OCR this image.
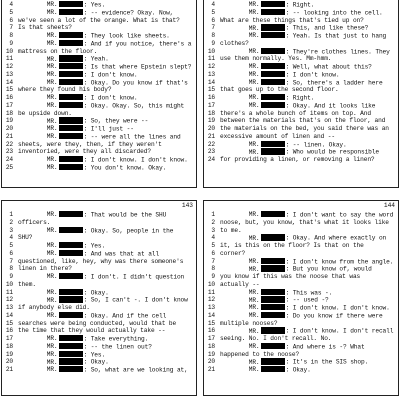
4	MR.	: Yes.
5	MR.	: -- evidence? Okay. Now,
6 we've seen a lot of the orange. What is that?
7 Is that sheets?
8	MR.	: They look like sheets.
9	MR.	: And if you notice, there's a
10 mattress on the floor.
11	MR.	: Yeah.
12	MR.	: Is that where Epstein slept?
13	MR.	: I don't know.
14	MR.	: Okay. Do you know if that's
15 where they found his body?
16	MR.	: I don't know.
17	MR.	: Okay. Okay. So, this might
18 be upside down.
19	MR.	: So, they were --
20	MR.	: I'll just --
21	MR.	: -- were all the lines and
22 sheets, were they, then, if they weren't
23 inventoried, were they all discarded?
24	MR.	: I don't know. I don't know.
25	MR.	: You don't know. Okay.
4	MR.	: Right.
5	MR.	: -- looking into the cell.
6 What are these things that's tied up on?
7	MR.	: This, and like these?
8	MR.	: Yeah. Is that just to hang
9 clothes?
10	MR.	: They're clothes lines. They
11 use them normally. Yes. Mm-hmm.
12	MR.	: Well, what about this?
13	MR.	: I don't know.
14	MR.	: So, there's a ladder here
15 that goes up to the second floor.
16	MR.	: Right.
17	MR.	: Okay. And it looks like
18 there's a whole bunch of items on top. And
19 between the materials that's on the floor, and
20 the materials on the bed, you said there was an
21 excessive amount of linen and --
22	MR.	: -- linen. Okay.
23	MR.	: Who would be responsible
24 for providing a linen, or removing a linen?
143
1	MR.	: That would be the SHU
2 officers.
3	MR.	: Okay. So, people in the
4 SHU?
5	MR.	: Yes.
6	MR.	: And was that at all
7 questioned, like, hey, why was there someone's
8 linen in there?
9	MR.	: I don't. I didn't question
10 them.
11	MR.	: Okay.
12	MR.	: So, I can't -. I don't know
13 if anybody else did.
14	MR.	: Okay. And if the cell
15 searches were being conducted, would that be
16 the time that they would actually take --
17	MR.	: Take everything.
18	MR.	: -- the linen out?
19	MR.	: Yes.
20	MR.	: Okay.
21	MR.	: So, what are we looking at,
144
1	MR.	: I don't want to say the word
2 noose, but, you know, that's what it looks like
3 to me.
4	MR.	: Okay. And where exactly on
5 it, is this on the floor? Is that on the
6 corner?
7	MR.	: I don't know from the angle.
8	MR.	: But you know of, would
9 you know if this was the noose that was
10 actually --
11	MR.	: This was -.
12	MR.	: -- used -?
13	MR.	: I don't know. I don't know.
14	MR.	: Do you know if there were
15 multiple nooses?
16	MR.	: I don't know. I don't recall
17 seeing. No. I don't recall. No.
18	MR.	: And where is -? What
19 happened to the noose?
20	MR.	: It's in the SIS shop.
21	MR.	: Okay.
